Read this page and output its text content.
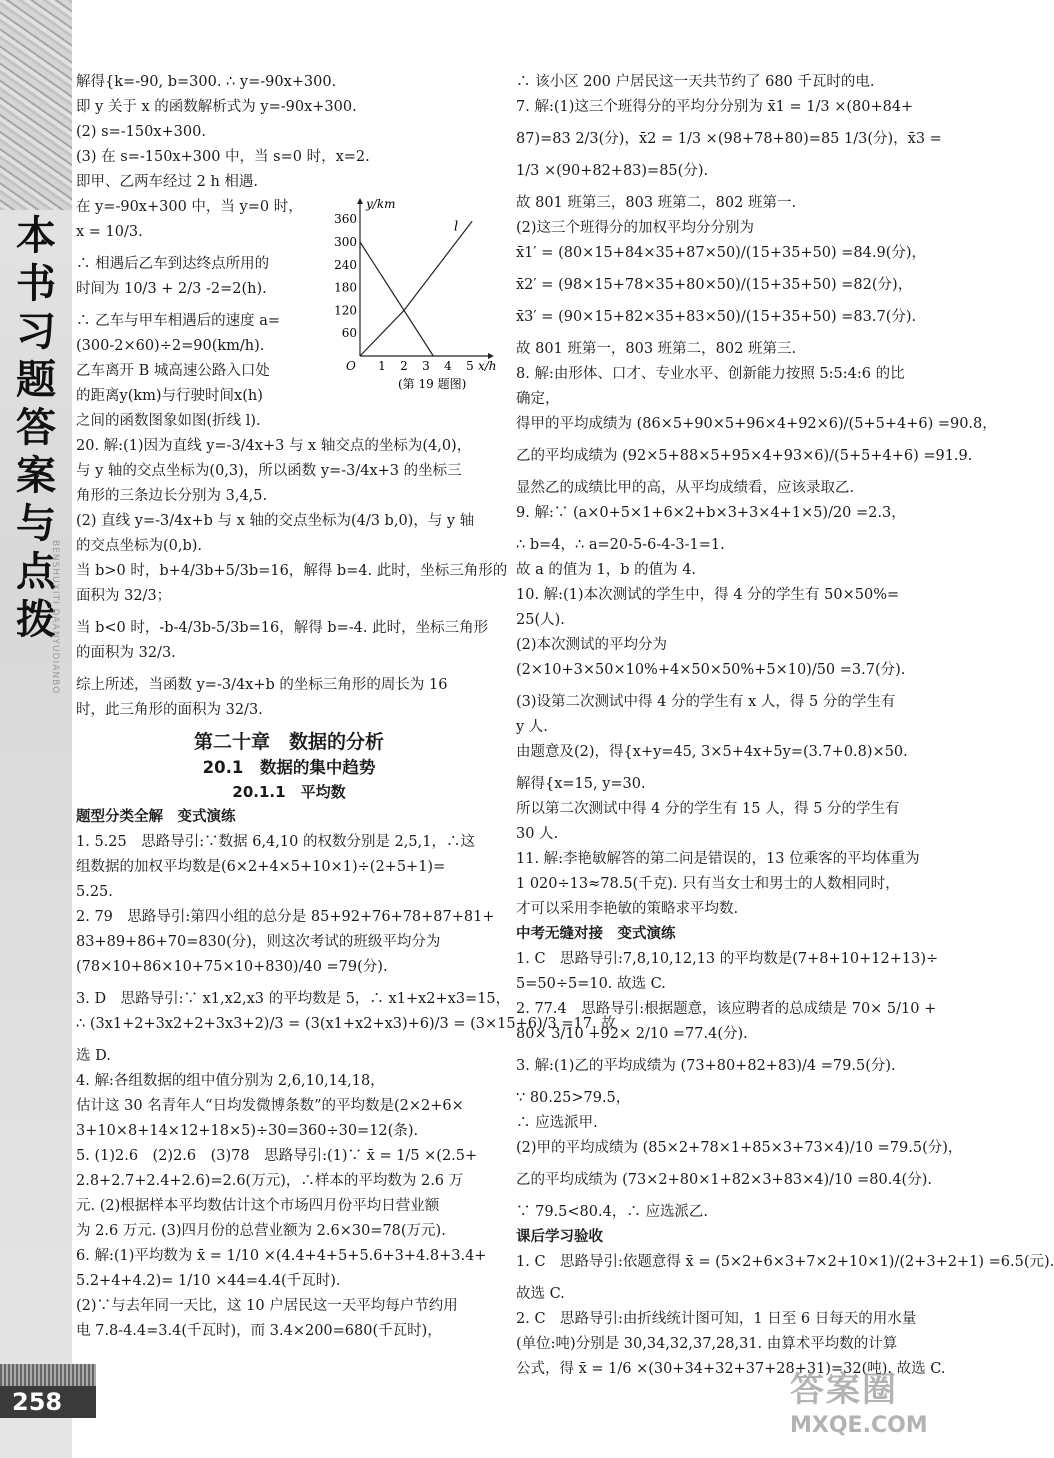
本书习题答案与点拨
BENSHUXITI DAANYUDIANBO
258
解得{k=-90, b=300. ∴ y=-90x+300.
即 y 关于 x 的函数解析式为 y=-90x+300.
(2) s=-150x+300.
(3) 在 s=-150x+300 中，当 s=0 时，x=2.
即甲、乙两车经过 2 h 相遇.
在 y=-90x+300 中，当 y=0 时，
x = 10/3.
∴ 相遇后乙车到达终点所用的
时间为 10/3 + 2/3 -2=2(h).
∴ 乙车与甲车相遇后的速度 a=
(300-2×60)÷2=90(km/h).
乙车离开 B 城高速公路入口处
的距离y(km)与行驶时间x(h)
之间的函数图象如图(折线 l).
20. 解:(1)因为直线 y=-3/4x+3 与 x 轴交点的坐标为(4,0)，
与 y 轴的交点坐标为(0,3)，所以函数 y=-3/4x+3 的坐标三
角形的三条边长分别为 3,4,5.
(2) 直线 y=-3/4x+b 与 x 轴的交点坐标为(4/3 b,0)，与 y 轴
的交点坐标为(0,b).
当 b>0 时，b+4/3b+5/3b=16，解得 b=4. 此时，坐标三角形的
面积为 32/3；
当 b<0 时，-b-4/3b-5/3b=16，解得 b=-4. 此时，坐标三角形
的面积为 32/3.
综上所述，当函数 y=-3/4x+b 的坐标三角形的周长为 16
时，此三角形的面积为 32/3.
第二十章　数据的分析
20.1　数据的集中趋势
20.1.1　平均数
题型分类全解　变式演练
1. 5.25　思路导引:∵数据 6,4,10 的权数分别是 2,5,1，∴这
组数据的加权平均数是(6×2+4×5+10×1)÷(2+5+1)=
5.25.
2. 79　思路导引:第四小组的总分是 85+92+76+78+87+81+
83+89+86+70=830(分)，则这次考试的班级平均分为
(78×10+86×10+75×10+830)/40 =79(分).
3. D　思路导引:∵ x1,x2,x3 的平均数是 5，∴ x1+x2+x3=15，
∴ (3x1+2+3x2+2+3x3+2)/3 = (3(x1+x2+x3)+6)/3 = (3×15+6)/3 =17. 故
选 D.
4. 解:各组数据的组中值分别为 2,6,10,14,18，
估计这 30 名青年人“日均发微博条数”的平均数是(2×2+6×
3+10×8+14×12+18×5)÷30=360÷30=12(条).
5. (1)2.6　(2)2.6　(3)78　思路导引:(1)∵ x̄ = 1/5 ×(2.5+
2.8+2.7+2.4+2.6)=2.6(万元)，∴样本的平均数为 2.6 万
元. (2)根据样本平均数估计这个市场四月份平均日营业额
为 2.6 万元. (3)四月份的总营业额为 2.6×30=78(万元).
6. 解:(1)平均数为 x̄ = 1/10 ×(4.4+4+5+5.6+3+4.8+3.4+
5.2+4+4.2)= 1/10 ×44=4.4(千瓦时).
(2)∵与去年同一天比，这 10 户居民这一天平均每户节约用
电 7.8-4.4=3.4(千瓦时)，而 3.4×200=680(千瓦时)，
∴ 该小区 200 户居民这一天共节约了 680 千瓦时的电.
7. 解:(1)这三个班得分的平均分分别为 x̄1 = 1/3 ×(80+84+
87)=83 2/3(分)，x̄2 = 1/3 ×(98+78+80)=85 1/3(分)，x̄3 =
1/3 ×(90+82+83)=85(分).
故 801 班第三，803 班第二，802 班第一.
(2)这三个班得分的加权平均分分别为
x̄1′ = (80×15+84×35+87×50)/(15+35+50) =84.9(分)，
x̄2′ = (98×15+78×35+80×50)/(15+35+50) =82(分)，
x̄3′ = (90×15+82×35+83×50)/(15+35+50) =83.7(分).
故 801 班第一，803 班第二，802 班第三.
8. 解:由形体、口才、专业水平、创新能力按照 5:5:4:6 的比
确定，
得甲的平均成绩为 (86×5+90×5+96×4+92×6)/(5+5+4+6) =90.8，
乙的平均成绩为 (92×5+88×5+95×4+93×6)/(5+5+4+6) =91.9.
显然乙的成绩比甲的高，从平均成绩看，应该录取乙.
9. 解:∵ (a×0+5×1+6×2+b×3+3×4+1×5)/20 =2.3，
∴ b=4，∴ a=20-5-6-4-3-1=1.
故 a 的值为 1，b 的值为 4.
10. 解:(1)本次测试的学生中，得 4 分的学生有 50×50%=
25(人).
(2)本次测试的平均分为
(2×10+3×50×10%+4×50×50%+5×10)/50 =3.7(分).
(3)设第二次测试中得 4 分的学生有 x 人，得 5 分的学生有
y 人.
由题意及(2)，得{x+y=45, 3×5+4x+5y=(3.7+0.8)×50.
解得{x=15, y=30.
所以第二次测试中得 4 分的学生有 15 人，得 5 分的学生有
30 人.
11. 解:李艳敏解答的第二问是错误的，13 位乘客的平均体重为
1 020÷13≈78.5(千克). 只有当女士和男士的人数相同时，
才可以采用李艳敏的策略求平均数.
中考无缝对接　变式演练
1. C　思路导引:7,8,10,12,13 的平均数是(7+8+10+12+13)÷
5=50÷5=10. 故选 C.
2. 77.4　思路导引:根据题意，该应聘者的总成绩是 70× 5/10 +
80× 3/10 +92× 2/10 =77.4(分).
3. 解:(1)乙的平均成绩为 (73+80+82+83)/4 =79.5(分).
∵ 80.25>79.5，
∴ 应选派甲.
(2)甲的平均成绩为 (85×2+78×1+85×3+73×4)/10 =79.5(分)，
乙的平均成绩为 (73×2+80×1+82×3+83×4)/10 =80.4(分).
∵ 79.5<80.4，∴ 应选派乙.
课后学习验收
1. C　思路导引:依题意得 x̄ = (5×2+6×3+7×2+10×1)/(2+3+2+1) =6.5(元).
故选 C.
2. C　思路导引:由折线统计图可知，1 日至 6 日每天的用水量
(单位:吨)分别是 30,34,32,37,28,31. 由算术平均数的计算
公式，得 x̄ = 1/6 ×(30+34+32+37+28+31)=32(吨). 故选 C.
360
300
240
180
120
60
1 2 3 4 5
y/km
x/h
O
l
(第 19 题图)
答案圈
MXQE.COM
